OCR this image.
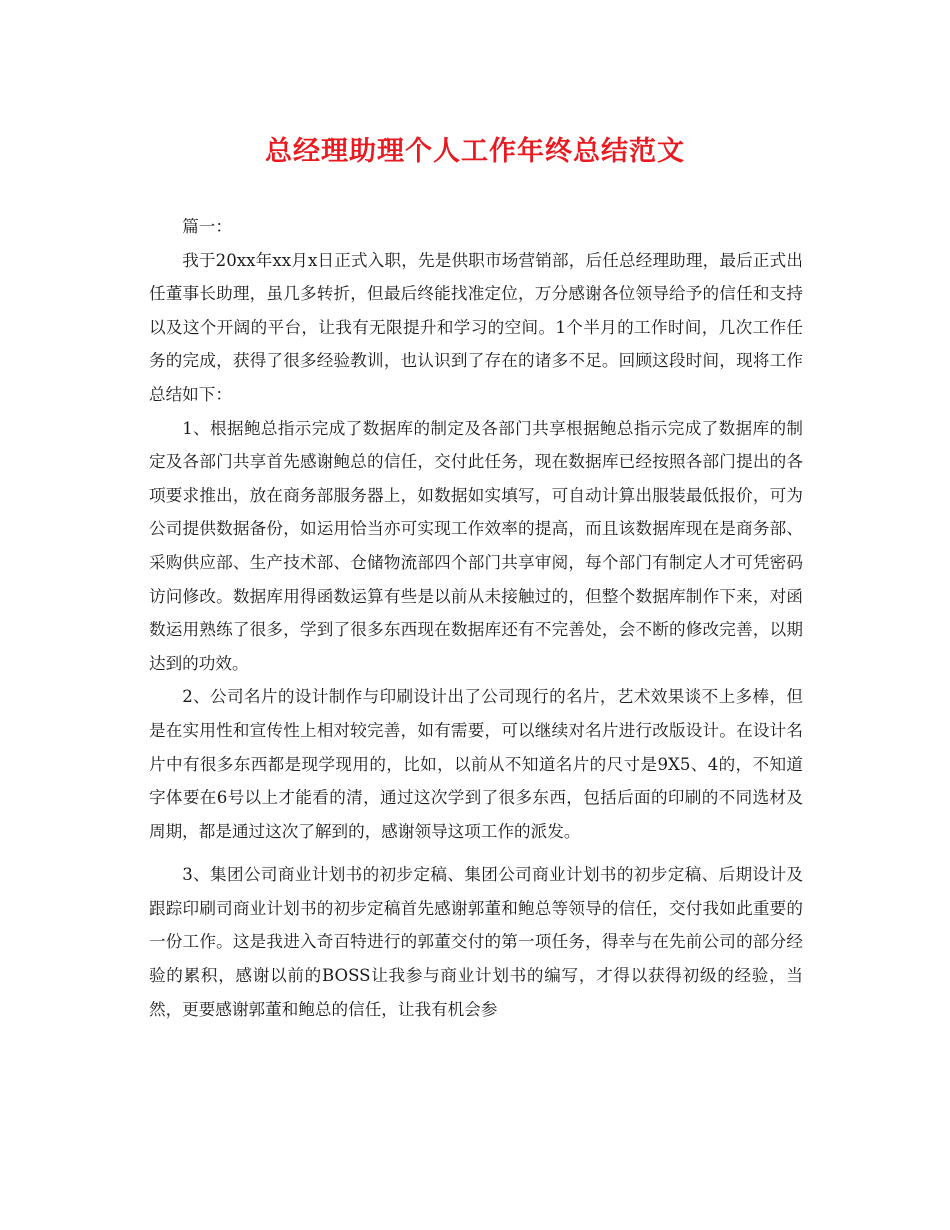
总经理助理个人工作年终总结范文

篇一：

我于20xx年xx月x日正式入职，先是供职市场营销部，后任总经理助理，最后正式出任董事长助理，虽几多转折，但最后终能找准定位，万分感谢各位领导给予的信任和支持以及这个开阔的平台，让我有无限提升和学习的空间。1个半月的工作时间，几次工作任务的完成，获得了很多经验教训，也认识到了存在的诸多不足。回顾这段时间，现将工作总结如下：

1、根据鲍总指示完成了数据库的制定及各部门共享根据鲍总指示完成了数据库的制定及各部门共享首先感谢鲍总的信任，交付此任务，现在数据库已经按照各部门提出的各项要求推出，放在商务部服务器上，如数据如实填写，可自动计算出服装最低报价，可为公司提供数据备份，如运用恰当亦可实现工作效率的提高，而且该数据库现在是商务部、采购供应部、生产技术部、仓储物流部四个部门共享审阅，每个部门有制定人才可凭密码访问修改。数据库用得函数运算有些是以前从未接触过的，但整个数据库制作下来，对函数运用熟练了很多，学到了很多东西现在数据库还有不完善处，会不断的修改完善，以期达到的功效。

2、公司名片的设计制作与印刷设计出了公司现行的名片，艺术效果谈不上多棒，但是在实用性和宣传性上相对较完善，如有需要，可以继续对名片进行改版设计。在设计名片中有很多东西都是现学现用的，比如，以前从不知道名片的尺寸是9X5、4的，不知道字体要在6号以上才能看的清，通过这次学到了很多东西，包括后面的印刷的不同选材及周期，都是通过这次了解到的，感谢领导这项工作的派发。

3、集团公司商业计划书的初步定稿、集团公司商业计划书的初步定稿、后期设计及跟踪印刷司商业计划书的初步定稿首先感谢郭董和鲍总等领导的信任，交付我如此重要的一份工作。这是我进入奇百特进行的郭董交付的第一项任务，得幸与在先前公司的部分经验的累积，感谢以前的BOSS让我参与商业计划书的编写，才得以获得初级的经验，当然，更要感谢郭董和鲍总的信任，让我有机会参
